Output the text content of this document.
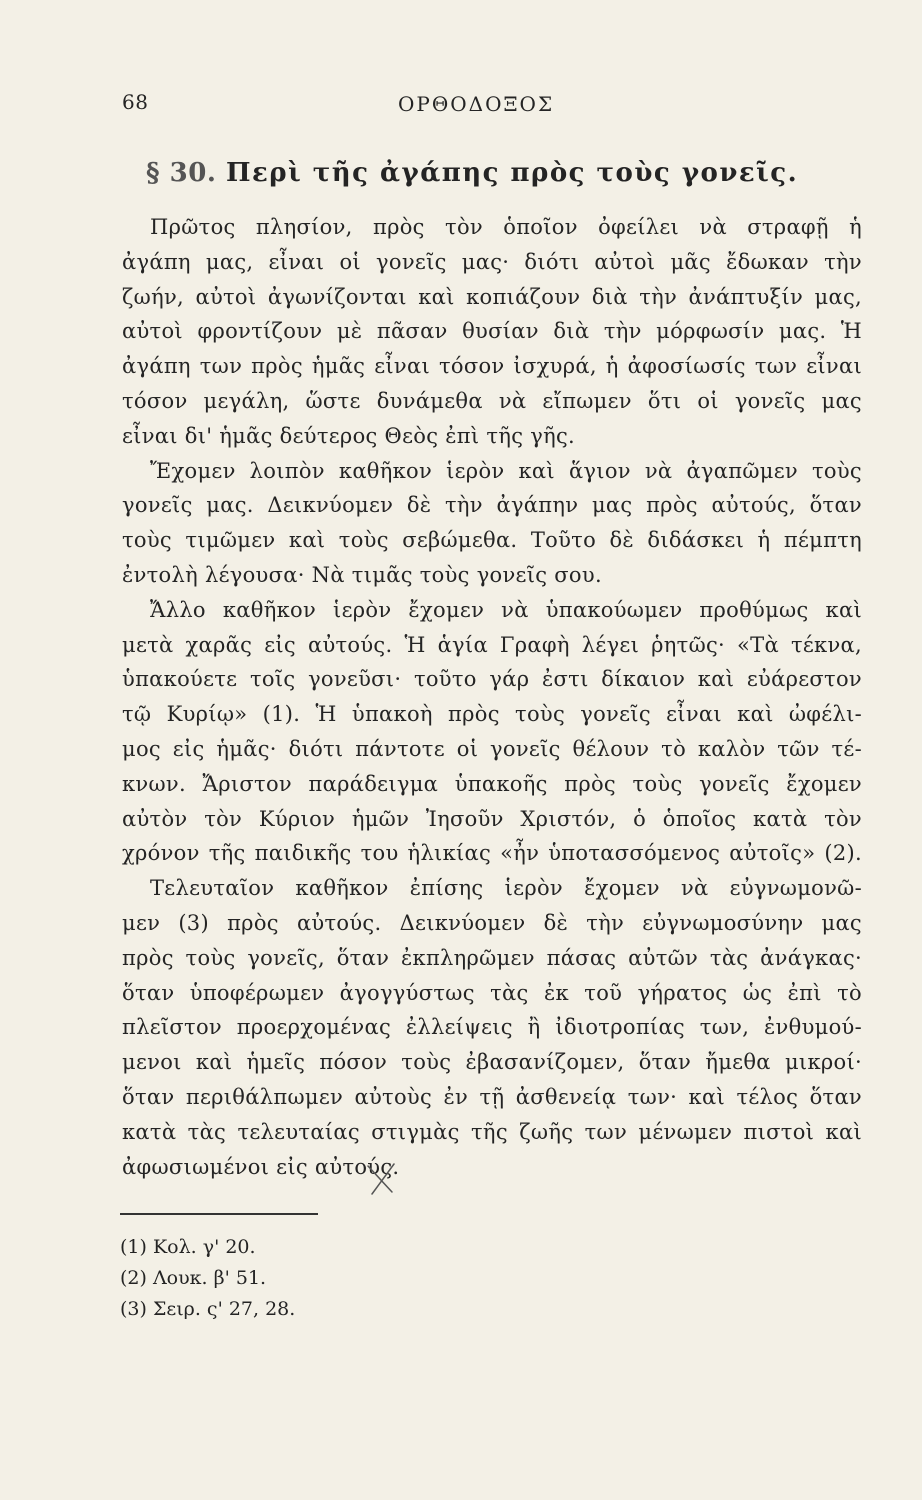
68	ΟΡΘΟΔΟΞΟΣ
§ 30. Περὶ τῆς ἀγάπης πρὸς τοὺς γονεῖς.
Πρῶτος πλησίον, πρὸς τὸν ὁποῖον ὀφείλει νὰ στραφῇ ἡ
ἀγάπη μας, εἶναι οἱ γονεῖς μας· διότι αὐτοὶ μᾶς ἔδωκαν τὴν
ζωήν, αὐτοὶ ἀγωνίζονται καὶ κοπιάζουν διὰ τὴν ἀνάπτυξίν μας,
αὐτοὶ φροντίζουν μὲ πᾶσαν θυσίαν διὰ τὴν μόρφωσίν μας. Ἡ
ἀγάπη των πρὸς ἡμᾶς εἶναι τόσον ἰσχυρά, ἡ ἀφοσίωσίς των εἶναι
τόσον μεγάλη, ὥστε δυνάμεθα νὰ εἴπωμεν ὅτι οἱ γονεῖς μας
εἶναι δι' ἡμᾶς δεύτερος Θεὸς ἐπὶ τῆς γῆς.
Ἔχομεν λοιπὸν καθῆκον ἱερὸν καὶ ἅγιον νὰ ἀγαπῶμεν τοὺς
γονεῖς μας. Δεικνύομεν δὲ τὴν ἀγάπην μας πρὸς αὐτούς, ὅταν
τοὺς τιμῶμεν καὶ τοὺς σεβώμεθα. Τοῦτο δὲ διδάσκει ἡ πέμπτη
ἐντολὴ λέγουσα· Νὰ τιμᾶς τοὺς γονεῖς σου.
Ἄλλο καθῆκον ἱερὸν ἔχομεν νὰ ὑπακούωμεν προθύμως καὶ
μετὰ χαρᾶς εἰς αὐτούς. Ἡ ἁγία Γραφὴ λέγει ῥητῶς· «Τὰ τέκνα,
ὑπακούετε τοῖς γονεῦσι· τοῦτο γάρ ἐστι δίκαιον καὶ εὐάρεστον
τῷ Κυρίῳ» (1). Ἡ ὑπακοὴ πρὸς τοὺς γονεῖς εἶναι καὶ ὠφέλι-
μος εἰς ἡμᾶς· διότι πάντοτε οἱ γονεῖς θέλουν τὸ καλὸν τῶν τέ-
κνων. Ἄριστον παράδειγμα ὑπακοῆς πρὸς τοὺς γονεῖς ἔχομεν
αὐτὸν τὸν Κύριον ἡμῶν Ἰησοῦν Χριστόν, ὁ ὁποῖος κατὰ τὸν
χρόνον τῆς παιδικῆς του ἡλικίας «ἦν ὑποτασσόμενος αὐτοῖς» (2).
Τελευταῖον καθῆκον ἐπίσης ἱερὸν ἔχομεν νὰ εὐγνωμονῶ-
μεν (3) πρὸς αὐτούς. Δεικνύομεν δὲ τὴν εὐγνωμοσύνην μας
πρὸς τοὺς γονεῖς, ὅταν ἐκπληρῶμεν πάσας αὐτῶν τὰς ἀνάγκας·
ὅταν ὑποφέρωμεν ἀγογγύστως τὰς ἐκ τοῦ γήρατος ὡς ἐπὶ τὸ
πλεῖστον προερχομένας ἐλλείψεις ἢ ἰδιοτροπίας των, ἐνθυμού-
μενοι καὶ ἡμεῖς πόσον τοὺς ἐβασανίζομεν, ὅταν ἤμεθα μικροί·
ὅταν περιθάλπωμεν αὐτοὺς ἐν τῇ ἀσθενείᾳ των· καὶ τέλος ὅταν
κατὰ τὰς τελευταίας στιγμὰς τῆς ζωῆς των μένωμεν πιστοὶ καὶ
ἀφωσιωμένοι εἰς αὐτούς.
(1) Κολ. γ' 20.
(2) Λουκ. β' 51.
(3) Σειρ. ς' 27, 28.
